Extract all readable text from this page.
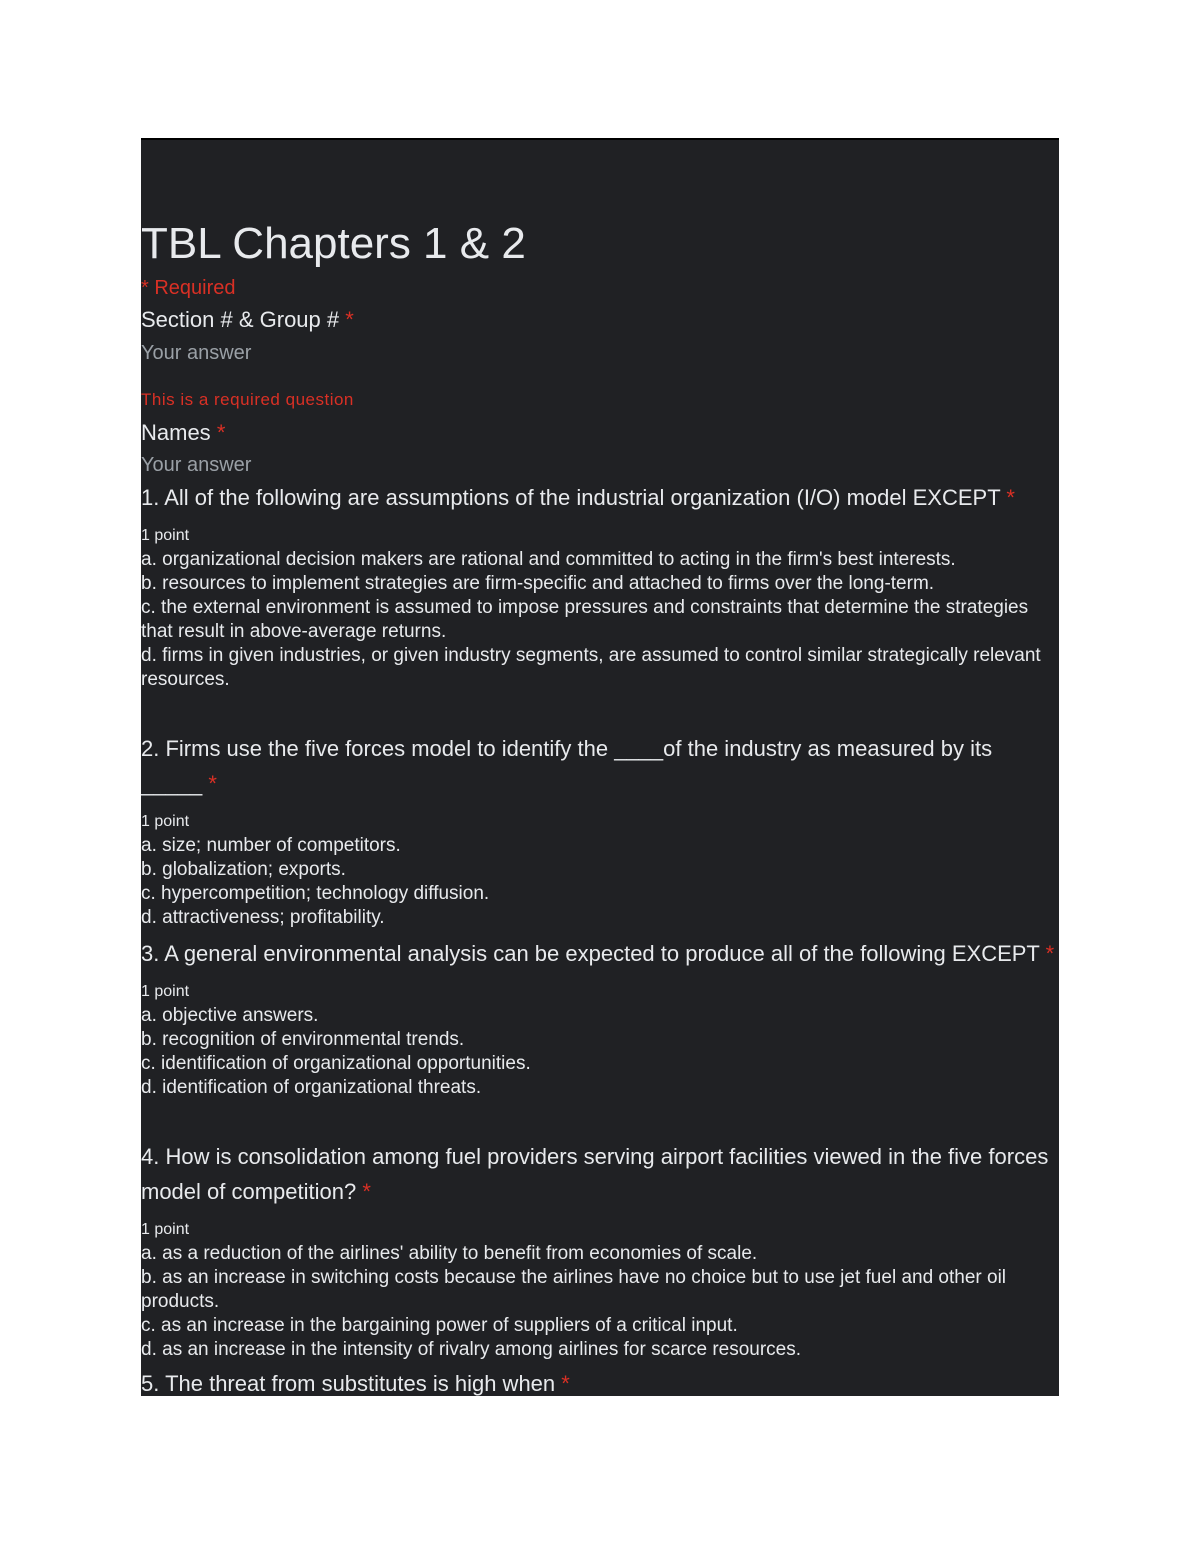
TBL Chapters 1 & 2
* Required
Section # & Group # *
Your answer
This is a required question
Names *
Your answer
1. All of the following are assumptions of the industrial organization (I/O) model EXCEPT *
1 point
a. organizational decision makers are rational and committed to acting in the firm's best interests.
b. resources to implement strategies are firm-specific and attached to firms over the long-term.
c. the external environment is assumed to impose pressures and constraints that determine the strategies that result in above-average returns.
d. firms in given industries, or given industry segments, are assumed to control similar strategically relevant resources.
2. Firms use the five forces model to identify the ____of the industry as measured by its _____ *
1 point
a. size; number of competitors.
b. globalization; exports.
c. hypercompetition; technology diffusion.
d. attractiveness; profitability.
3. A general environmental analysis can be expected to produce all of the following EXCEPT *
1 point
a. objective answers.
b. recognition of environmental trends.
c. identification of organizational opportunities.
d. identification of organizational threats.
4. How is consolidation among fuel providers serving airport facilities viewed in the five forces model of competition? *
1 point
a. as a reduction of the airlines' ability to benefit from economies of scale.
b. as an increase in switching costs because the airlines have no choice but to use jet fuel and other oil products.
c. as an increase in the bargaining power of suppliers of a critical input.
d. as an increase in the intensity of rivalry among airlines for scarce resources.
5. The threat from substitutes is high when *
